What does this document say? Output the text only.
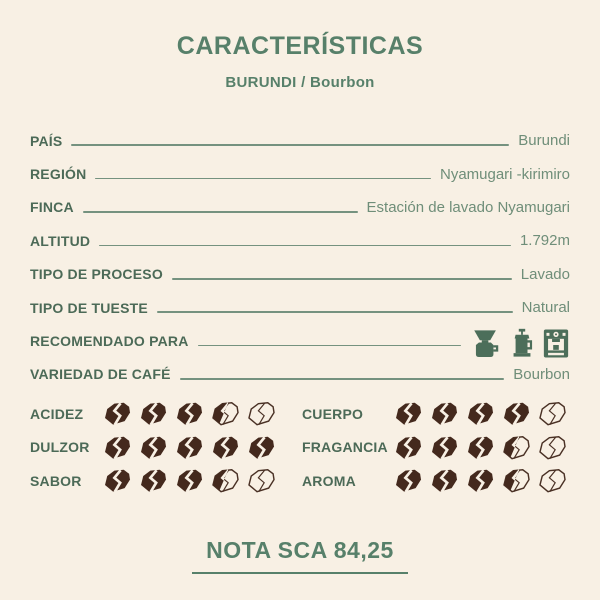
CARACTERÍSTICAS
BURUNDI / Bourbon
PAÍS	Burundi
REGIÓN	Nyamugari -kirimiro
FINCA	Estación de lavado Nyamugari
ALTITUD	1.792m
TIPO DE PROCESO	Lavado
TIPO DE TUESTE	Natural
RECOMENDADO PARA
VARIEDAD DE CAFÉ	Bourbon
ACIDEZ
DULZOR
SABOR
CUERPO
FRAGANCIA
AROMA
NOTA SCA 84,25
